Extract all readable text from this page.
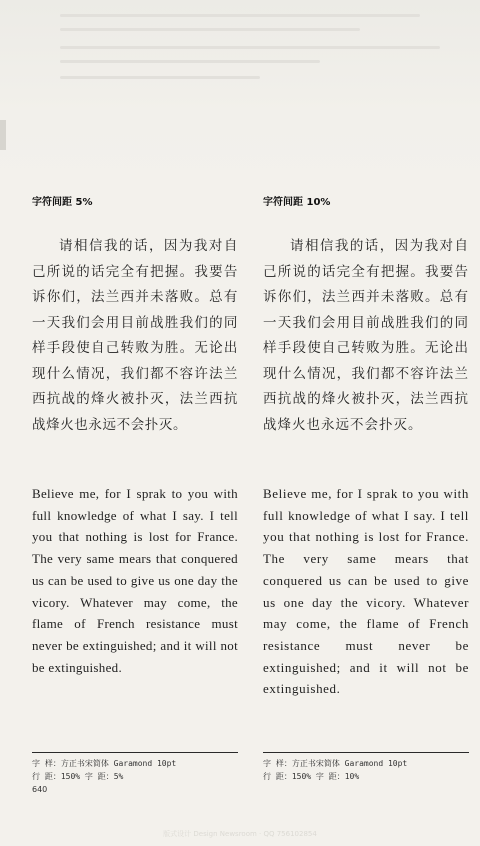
字符间距 5%
请相信我的话，因为我对自己所说的话完全有把握。我要告诉你们，法兰西并未落败。总有一天我们会用目前战胜我们的同样手段使自己转败为胜。无论出现什么情况，我们都不容许法兰西抗战的烽火被扑灭，法兰西抗战烽火也永远不会扑灭。
Believe me, for I sprak to you with full knowledge of what I say. I tell you that nothing is lost for France. The very same mears that conquered us can be used to give us one day the vicory. Whatever may come, the flame of French resistance must never be extinguished; and it will not be extinguished.
字 样：方正书宋简体 Garamond 10pt
行 距：150% 字 距：5%
字符间距 10%
请相信我的话，因为我对自己所说的话完全有把握。我要告诉你们，法兰西并未落败。总有一天我们会用目前战胜我们的同样手段使自己转败为胜。无论出现什么情况，我们都不容许法兰西抗战的烽火被扑灭，法兰西抗战烽火也永远不会扑灭。
Believe me, for I sprak to you with full knowledge of what I say. I tell you that nothing is lost for France. The very same mears that conquered us can be used to give us one day the vicory. Whatever may come, the flame of French resistance must never be extinguished; and it will not be extinguished.
字 样：方正书宋简体 Garamond 10pt
行 距：150% 字 距：10%
640
版式设计 Design Newsroom · QQ 756102854
